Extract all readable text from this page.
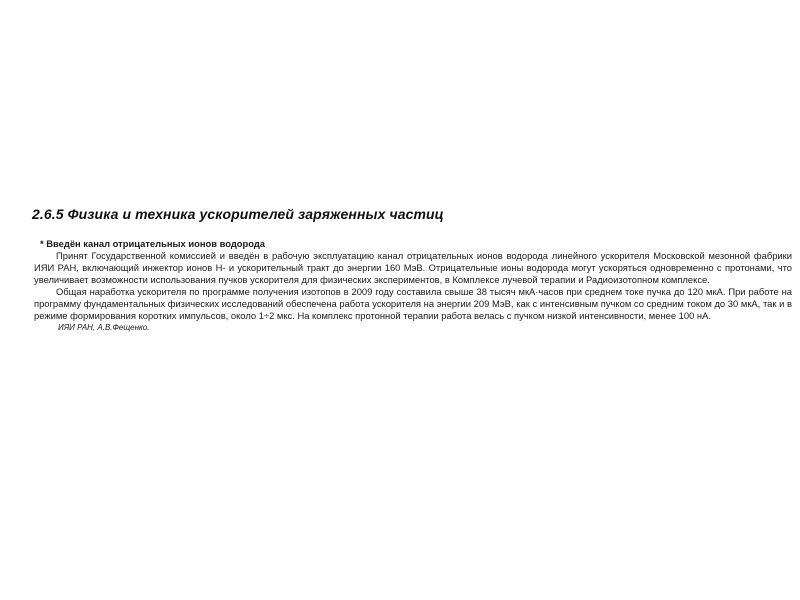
2.6.5 Физика и техника ускорителей заряженных частиц

* Введён канал отрицательных ионов водорода

Принят Государственной комиссией и введён в рабочую эксплуатацию канал отрицательных ионов водорода линейного ускорителя Московской мезонной фабрики ИЯИ РАН, включающий инжектор ионов Н- и ускорительный тракт до энергии 160 МэВ. Отрицательные ионы водорода могут ускоряться одновременно с протонами, что увеличивает возможности использования пучков ускорителя для физических экспериментов, в Комплексе лучевой терапии и Радиоизотопном комплексе.

Общая наработка ускорителя по программе получения изотопов в 2009 году составила свыше 38 тысяч мкА·часов при среднем токе пучка до 120 мкА. При работе на программу фундаментальных физических исследований обеспечена работа ускорителя на энергии 209 МэВ, как с интенсивным пучком со средним током до 30 мкА, так и в режиме формирования коротких импульсов, около 1÷2 мкс. На комплекс протонной терапии работа велась с пучком низкой интенсивности, менее 100 нА.

ИЯИ РАН, А.В.Фещенко.
